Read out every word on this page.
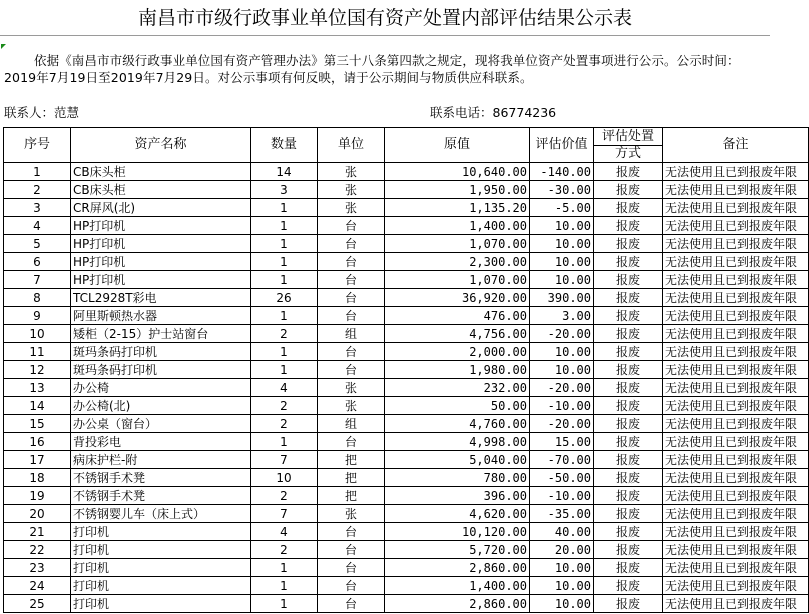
南昌市市级行政事业单位国有资产处置内部评估结果公示表
依据《南昌市市级行政事业单位国有资产管理办法》第三十八条第四款之规定，现将我单位资产处置事项进行公示。公示时间：2019年7月19日至2019年7月29日。对公示事项有何反映，请于公示期间与物质供应科联系。
联系人：范慧	联系电话：86774236
序号	资产名称	数量	单位	原值	评估价值	评估处置	备注
						方式	
1	CB床头柜	14	张	10,640.00	-140.00	报废	无法使用且已到报废年限
2	CB床头柜	3	张	1,950.00	-30.00	报废	无法使用且已到报废年限
3	CR屏风(北)	1	张	1,135.20	-5.00	报废	无法使用且已到报废年限
4	HP打印机	1	台	1,400.00	10.00	报废	无法使用且已到报废年限
5	HP打印机	1	台	1,070.00	10.00	报废	无法使用且已到报废年限
6	HP打印机	1	台	2,300.00	10.00	报废	无法使用且已到报废年限
7	HP打印机	1	台	1,070.00	10.00	报废	无法使用且已到报废年限
8	TCL2928T彩电	26	台	36,920.00	390.00	报废	无法使用且已到报废年限
9	阿里斯顿热水器	1	台	476.00	3.00	报废	无法使用且已到报废年限
10	矮柜（2-15）护士站窗台	2	组	4,756.00	-20.00	报废	无法使用且已到报废年限
11	斑玛条码打印机	1	台	2,000.00	10.00	报废	无法使用且已到报废年限
12	斑玛条码打印机	1	台	1,980.00	10.00	报废	无法使用且已到报废年限
13	办公椅	4	张	232.00	-20.00	报废	无法使用且已到报废年限
14	办公椅(北)	2	张	50.00	-10.00	报废	无法使用且已到报废年限
15	办公桌（窗台）	2	组	4,760.00	-20.00	报废	无法使用且已到报废年限
16	背投彩电	1	台	4,998.00	15.00	报废	无法使用且已到报废年限
17	病床护栏-附	7	把	5,040.00	-70.00	报废	无法使用且已到报废年限
18	不锈钢手术凳	10	把	780.00	-50.00	报废	无法使用且已到报废年限
19	不锈钢手术凳	2	把	396.00	-10.00	报废	无法使用且已到报废年限
20	不锈钢婴儿车（床上式）	7	张	4,620.00	-35.00	报废	无法使用且已到报废年限
21	打印机	4	台	10,120.00	40.00	报废	无法使用且已到报废年限
22	打印机	2	台	5,720.00	20.00	报废	无法使用且已到报废年限
23	打印机	1	台	2,860.00	10.00	报废	无法使用且已到报废年限
24	打印机	1	台	1,400.00	10.00	报废	无法使用且已到报废年限
25	打印机	1	台	2,860.00	10.00	报废	无法使用且已到报废年限
